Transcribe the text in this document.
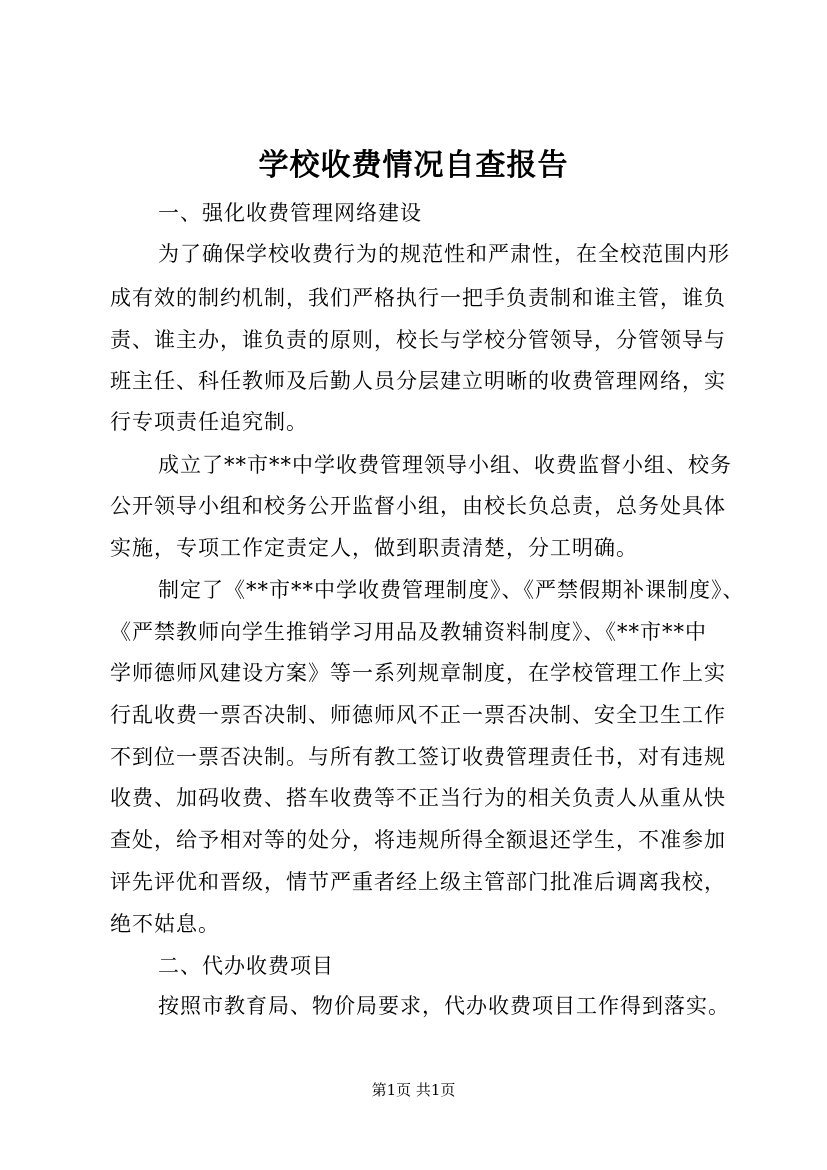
学校收费情况自查报告
一、强化收费管理网络建设
为了确保学校收费行为的规范性和严肃性，在全校范围内形
成有效的制约机制，我们严格执行一把手负责制和谁主管，谁负
责、谁主办，谁负责的原则，校长与学校分管领导，分管领导与
班主任、科任教师及后勤人员分层建立明晰的收费管理网络，实
行专项责任追究制。
成立了**市**中学收费管理领导小组、收费监督小组、校务
公开领导小组和校务公开监督小组，由校长负总责，总务处具体
实施，专项工作定责定人，做到职责清楚，分工明确。
制定了《**市**中学收费管理制度》、《严禁假期补课制度》、
《严禁教师向学生推销学习用品及教辅资料制度》、《**市**中
学师德师风建设方案》等一系列规章制度，在学校管理工作上实
行乱收费一票否决制、师德师风不正一票否决制、安全卫生工作
不到位一票否决制。与所有教工签订收费管理责任书，对有违规
收费、加码收费、搭车收费等不正当行为的相关负责人从重从快
查处，给予相对等的处分，将违规所得全额退还学生，不准参加
评先评优和晋级，情节严重者经上级主管部门批准后调离我校，
绝不姑息。
二、代办收费项目
按照市教育局、物价局要求，代办收费项目工作得到落实。
第1页 共1页
